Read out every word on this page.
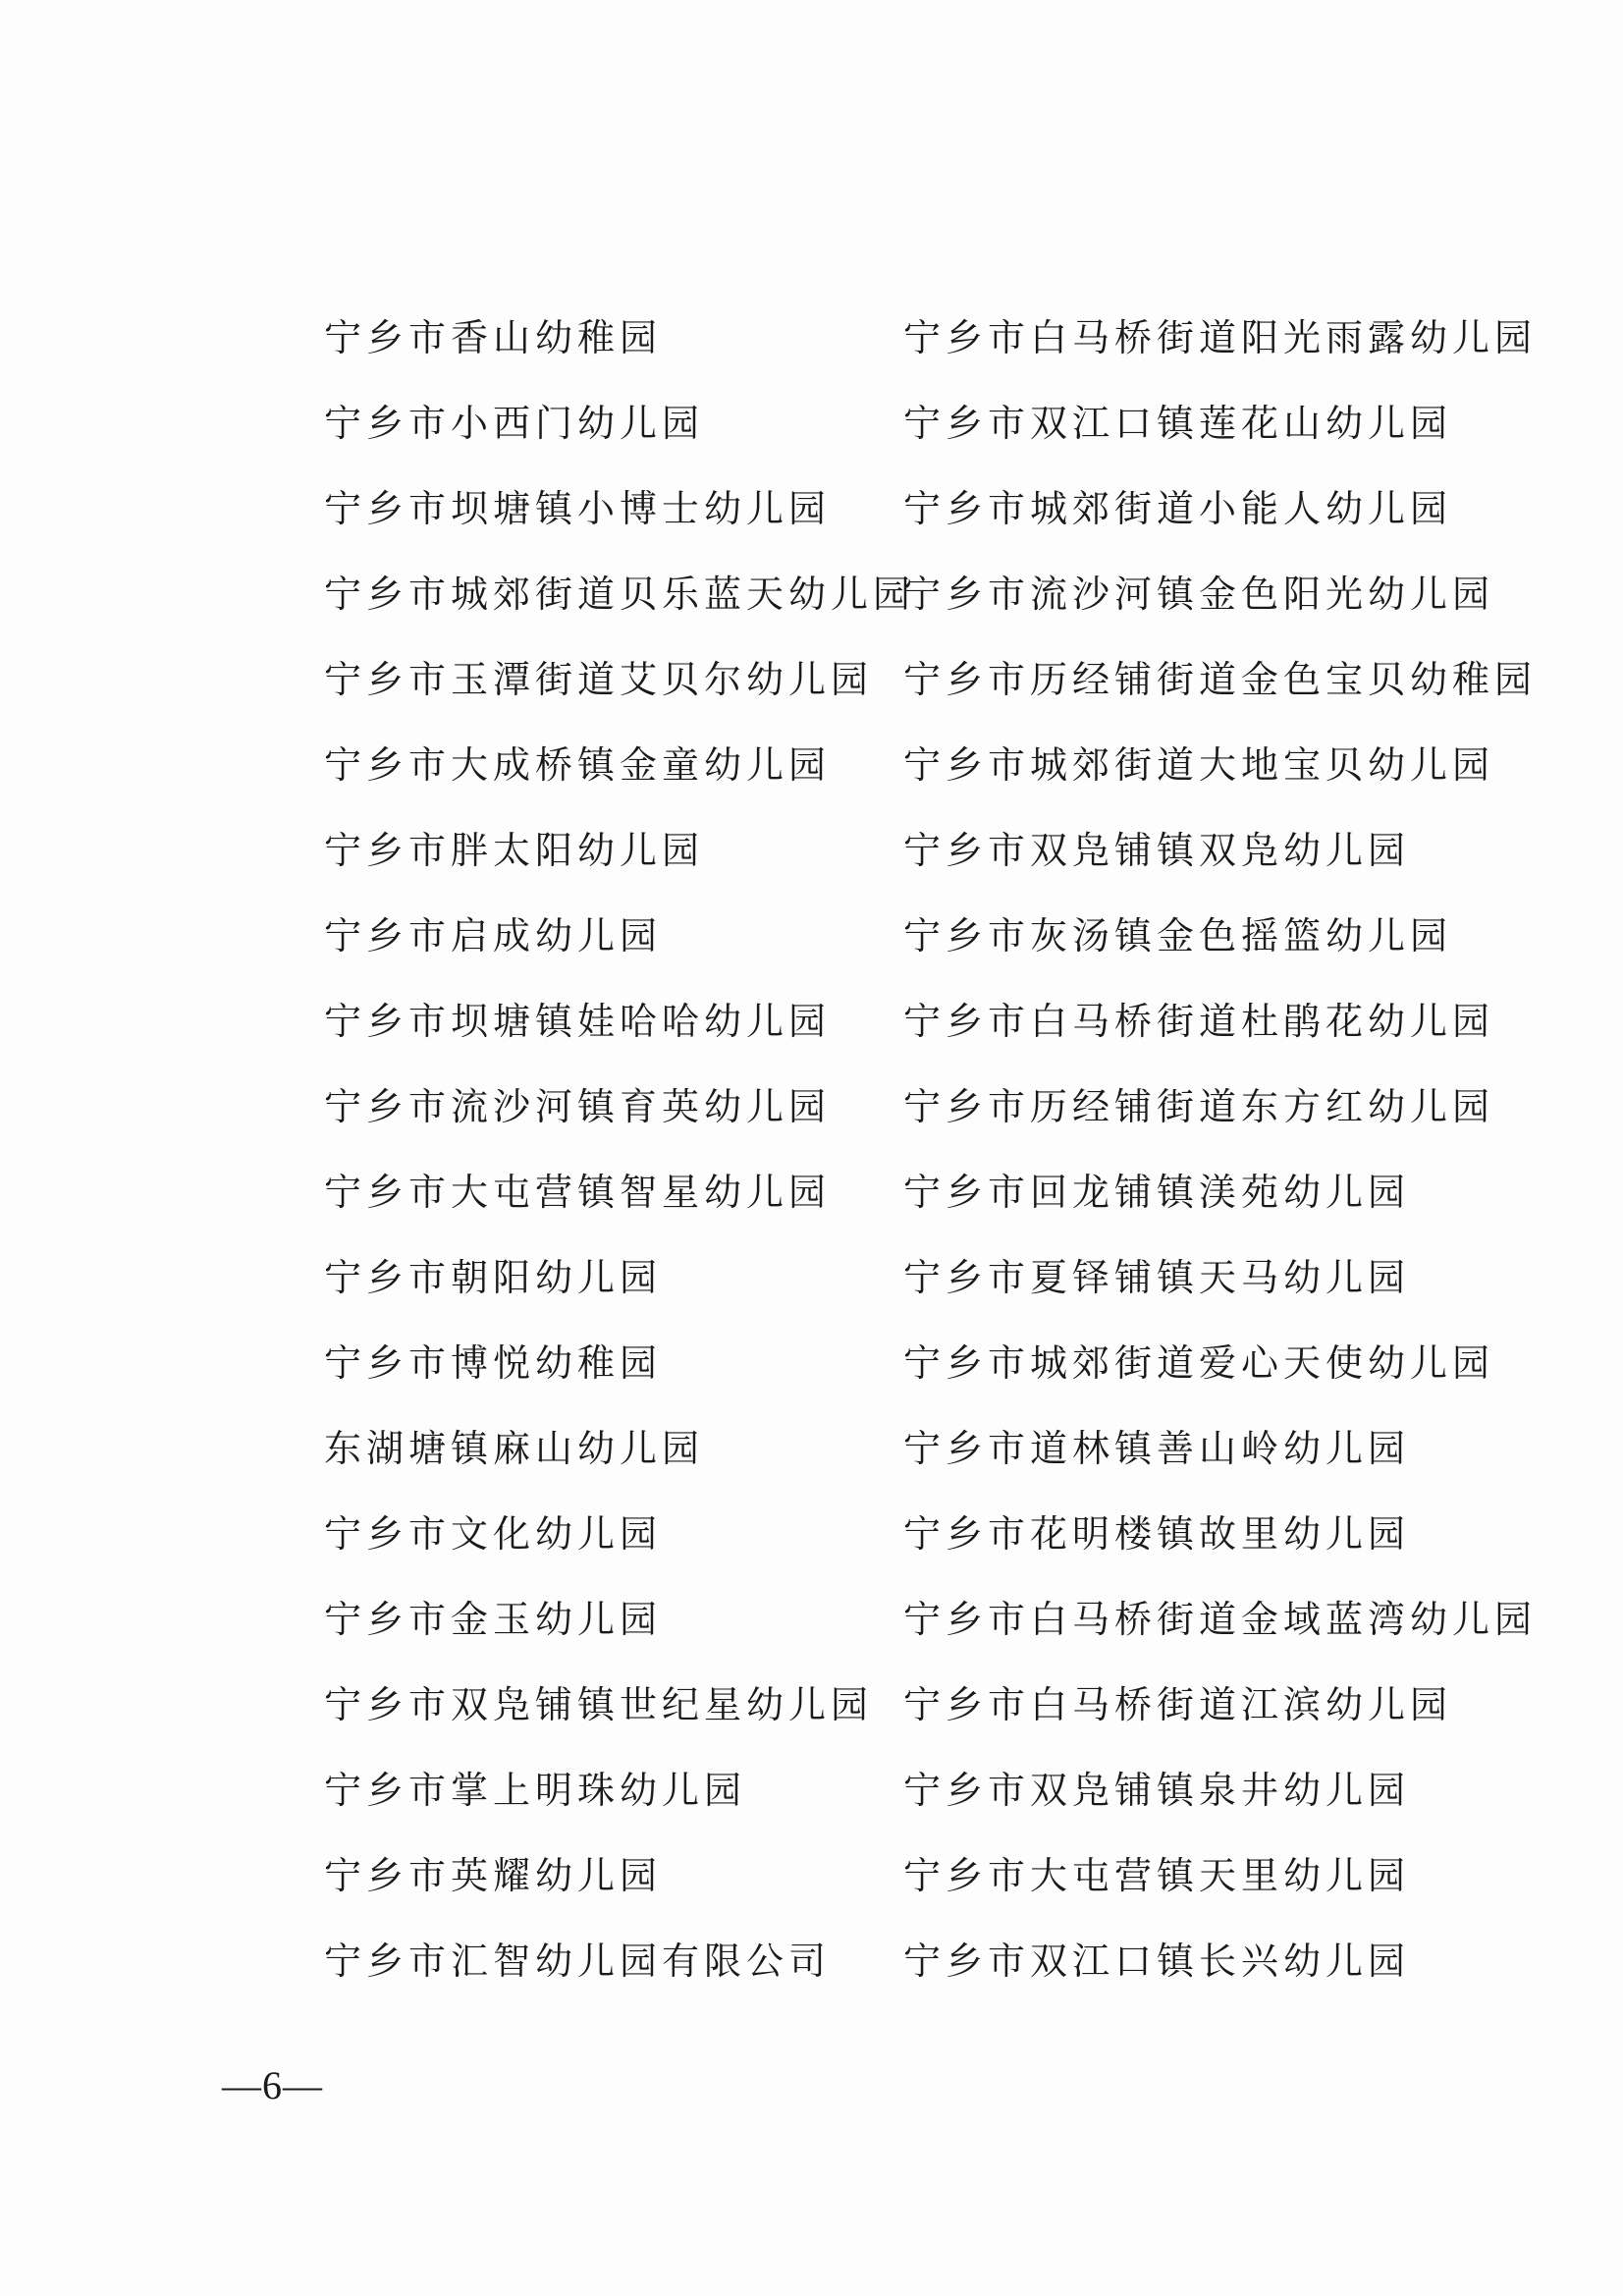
宁乡市香山幼稚园
宁乡市小西门幼儿园
宁乡市坝塘镇小博士幼儿园
宁乡市城郊街道贝乐蓝天幼儿园
宁乡市玉潭街道艾贝尔幼儿园
宁乡市大成桥镇金童幼儿园
宁乡市胖太阳幼儿园
宁乡市启成幼儿园
宁乡市坝塘镇娃哈哈幼儿园
宁乡市流沙河镇育英幼儿园
宁乡市大屯营镇智星幼儿园
宁乡市朝阳幼儿园
宁乡市博悦幼稚园
东湖塘镇麻山幼儿园
宁乡市文化幼儿园
宁乡市金玉幼儿园
宁乡市双凫铺镇世纪星幼儿园
宁乡市掌上明珠幼儿园
宁乡市英耀幼儿园
宁乡市汇智幼儿园有限公司
宁乡市白马桥街道阳光雨露幼儿园
宁乡市双江口镇莲花山幼儿园
宁乡市城郊街道小能人幼儿园
宁乡市流沙河镇金色阳光幼儿园
宁乡市历经铺街道金色宝贝幼稚园
宁乡市城郊街道大地宝贝幼儿园
宁乡市双凫铺镇双凫幼儿园
宁乡市灰汤镇金色摇篮幼儿园
宁乡市白马桥街道杜鹃花幼儿园
宁乡市历经铺街道东方红幼儿园
宁乡市回龙铺镇渼苑幼儿园
宁乡市夏铎铺镇天马幼儿园
宁乡市城郊街道爱心天使幼儿园
宁乡市道林镇善山岭幼儿园
宁乡市花明楼镇故里幼儿园
宁乡市白马桥街道金域蓝湾幼儿园
宁乡市白马桥街道江滨幼儿园
宁乡市双凫铺镇泉井幼儿园
宁乡市大屯营镇天里幼儿园
宁乡市双江口镇长兴幼儿园
—6—
